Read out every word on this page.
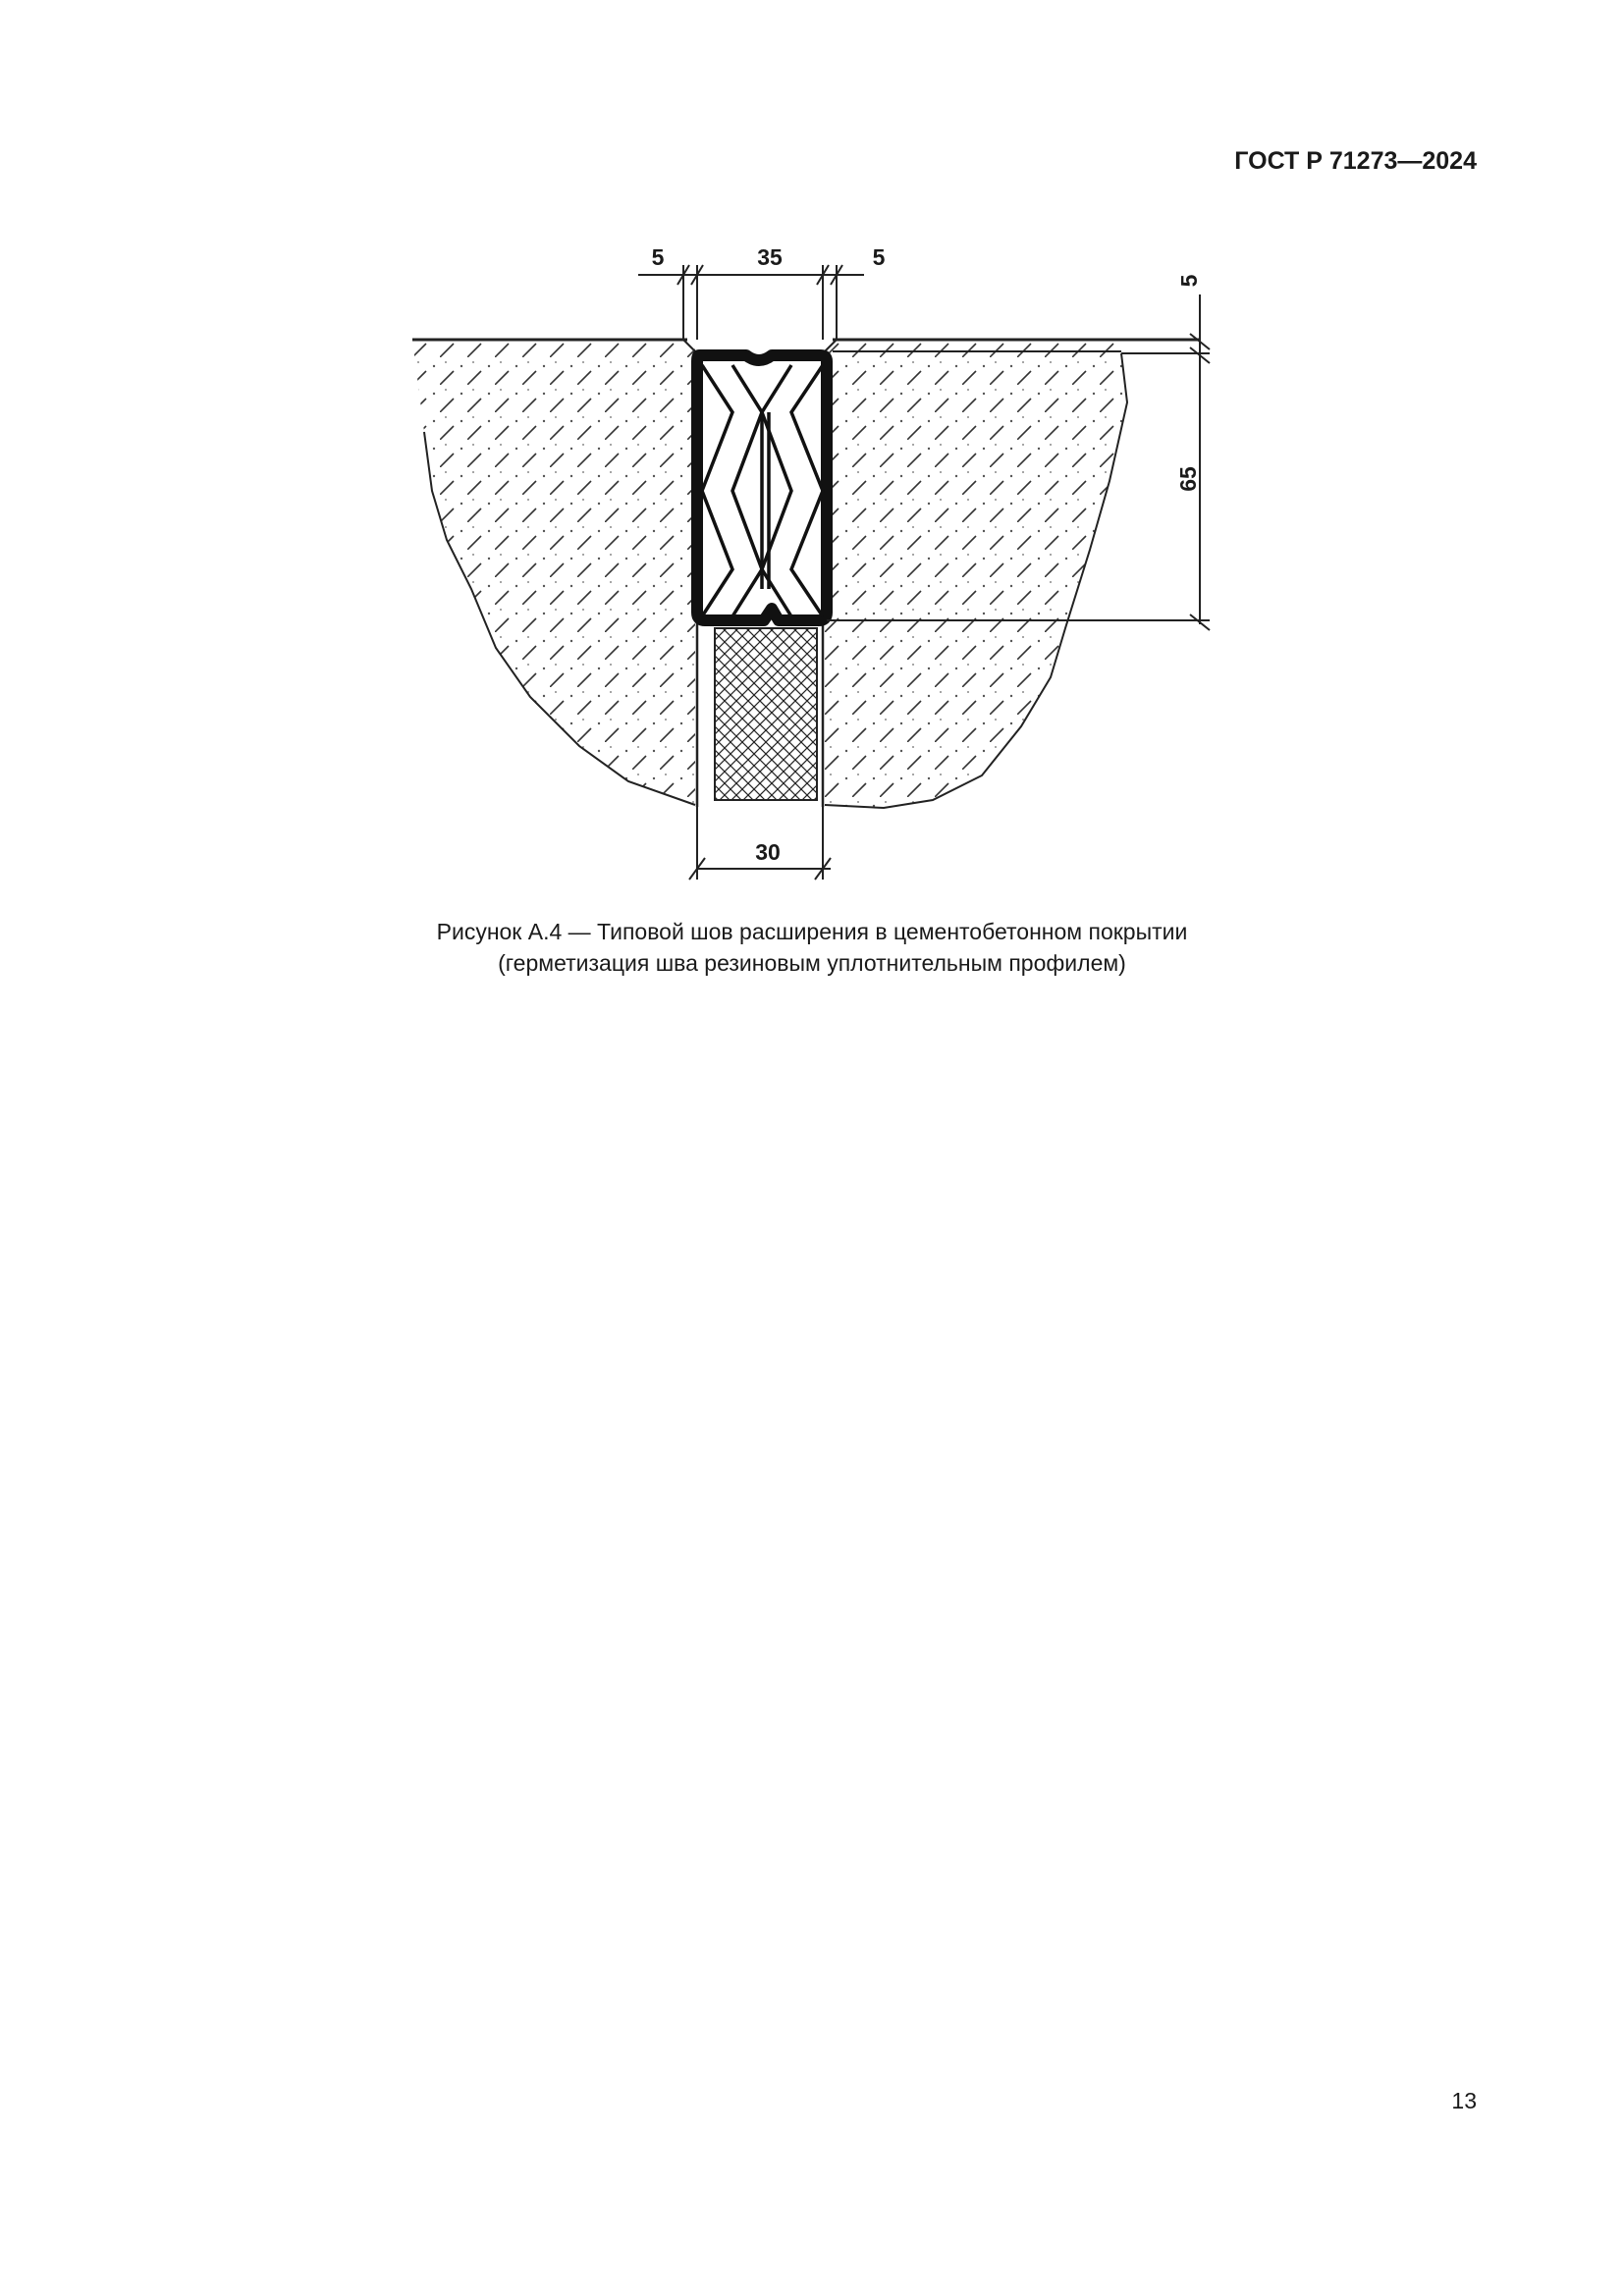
ГОСТ Р 71273—2024
5	35	5
5
65
30
Рисунок А.4 — Типовой шов расширения в цементобетонном покрытии
(герметизация шва резиновым уплотнительным профилем)
13
